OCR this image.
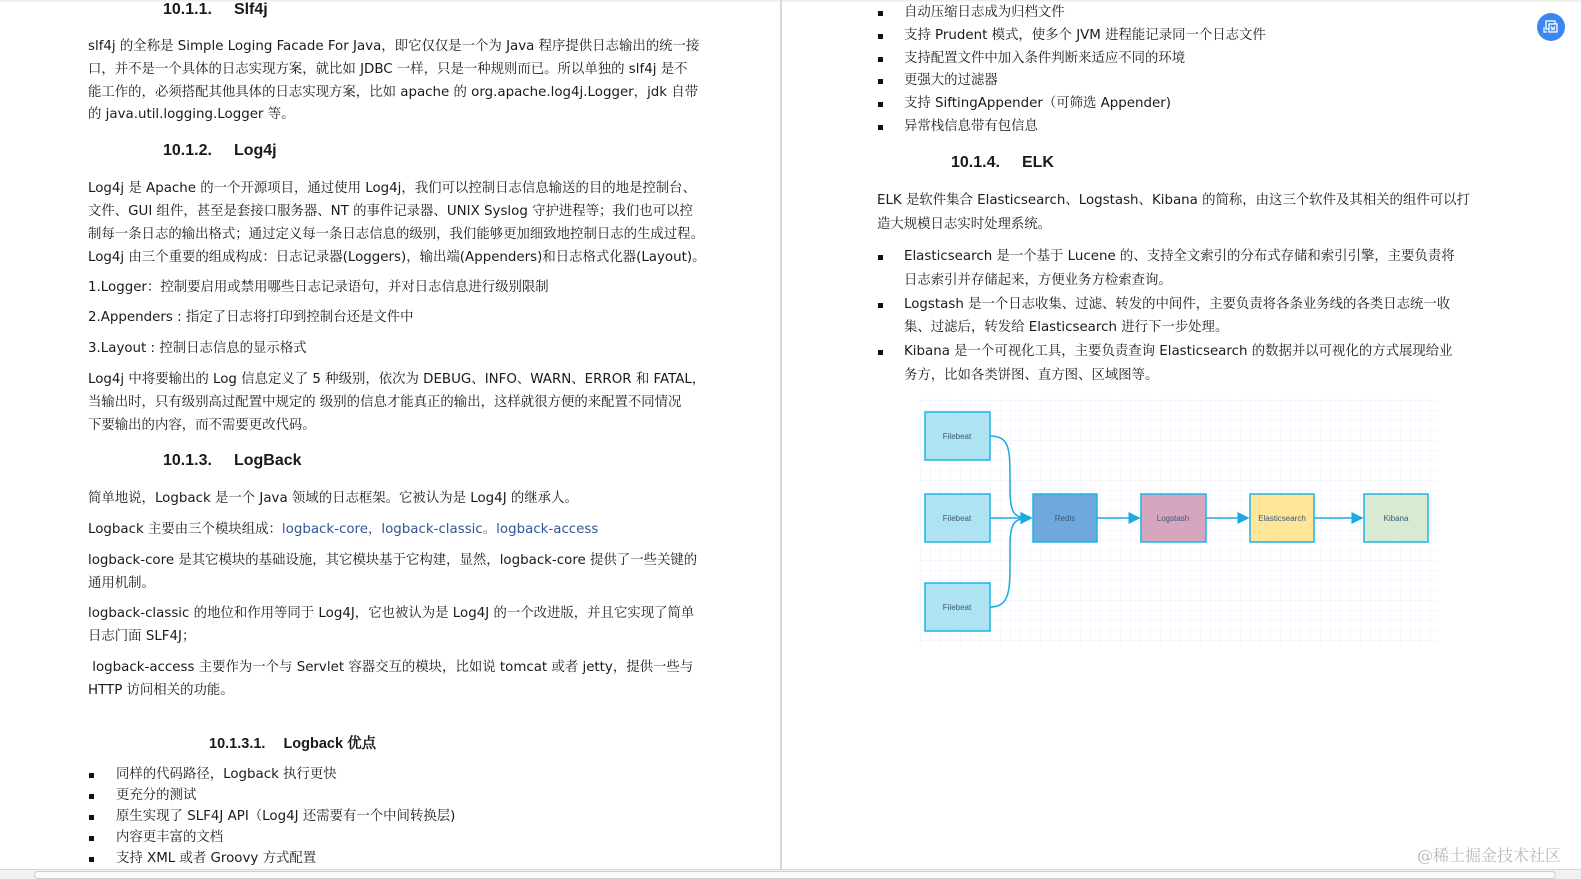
10.1.1. Slf4j
slf4j 的全称是 Simple Loging Facade For Java，即它仅仅是一个为 Java 程序提供日志输出的统一接
口，并不是一个具体的日志实现方案，就比如 JDBC 一样，只是一种规则而已。所以单独的 slf4j 是不
能工作的，必须搭配其他具体的日志实现方案，比如 apache 的 org.apache.log4j.Logger，jdk 自带
的 java.util.logging.Logger 等。
10.1.2. Log4j
Log4j 是 Apache 的一个开源项目，通过使用 Log4j，我们可以控制日志信息输送的目的地是控制台、
文件、GUI 组件，甚至是套接口服务器、NT 的事件记录器、UNIX Syslog 守护进程等；我们也可以控
制每一条日志的输出格式；通过定义每一条日志信息的级别，我们能够更加细致地控制日志的生成过程。
Log4j 由三个重要的组成构成：日志记录器(Loggers)，输出端(Appenders)和日志格式化器(Layout)。
1.Logger：控制要启用或禁用哪些日志记录语句，并对日志信息进行级别限制
2.Appenders : 指定了日志将打印到控制台还是文件中
3.Layout : 控制日志信息的显示格式
Log4j 中将要输出的 Log 信息定义了 5 种级别，依次为 DEBUG、INFO、WARN、ERROR 和 FATAL，
当输出时，只有级别高过配置中规定的 级别的信息才能真正的输出，这样就很方便的来配置不同情况
下要输出的内容，而不需要更改代码。
10.1.3. LogBack
简单地说，Logback 是一个 Java 领域的日志框架。它被认为是 Log4J 的继承人。
Logback 主要由三个模块组成：logback-core，logback-classic。logback-access
logback-core 是其它模块的基础设施，其它模块基于它构建，显然，logback-core 提供了一些关键的
通用机制。
logback-classic 的地位和作用等同于 Log4J，它也被认为是 Log4J 的一个改进版，并且它实现了简单
日志门面 SLF4J；
logback-access 主要作为一个与 Servlet 容器交互的模块，比如说 tomcat 或者 jetty，提供一些与
HTTP 访问相关的功能。
10.1.3.1. Logback 优点
同样的代码路径，Logback 执行更快
更充分的测试
原生实现了 SLF4J API（Log4J 还需要有一个中间转换层)
内容更丰富的文档
支持 XML 或者 Groovy 方式配置
自动压缩日志成为归档文件
支持 Prudent 模式，使多个 JVM 进程能记录同一个日志文件
支持配置文件中加入条件判断来适应不同的环境
更强大的过滤器
支持 SiftingAppender（可筛选 Appender)
异常栈信息带有包信息
10.1.4. ELK
ELK 是软件集合 Elasticsearch、Logstash、Kibana 的简称，由这三个软件及其相关的组件可以打
造大规模日志实时处理系统。
Elasticsearch 是一个基于 Lucene 的、支持全文索引的分布式存储和索引引擎，主要负责将
日志索引并存储起来，方便业务方检索查询。
Logstash 是一个日志收集、过滤、转发的中间件，主要负责将各条业务线的各类日志统一收
集、过滤后，转发给 Elasticsearch 进行下一步处理。
Kibana 是一个可视化工具，主要负责查询 Elasticsearch 的数据并以可视化的方式展现给业
务方，比如各类饼图、直方图、区域图等。
Filebeat
Filebeat
Filebeat
Redis	Logstash	Elasticsearch	Kibana
@稀土掘金技术社区
